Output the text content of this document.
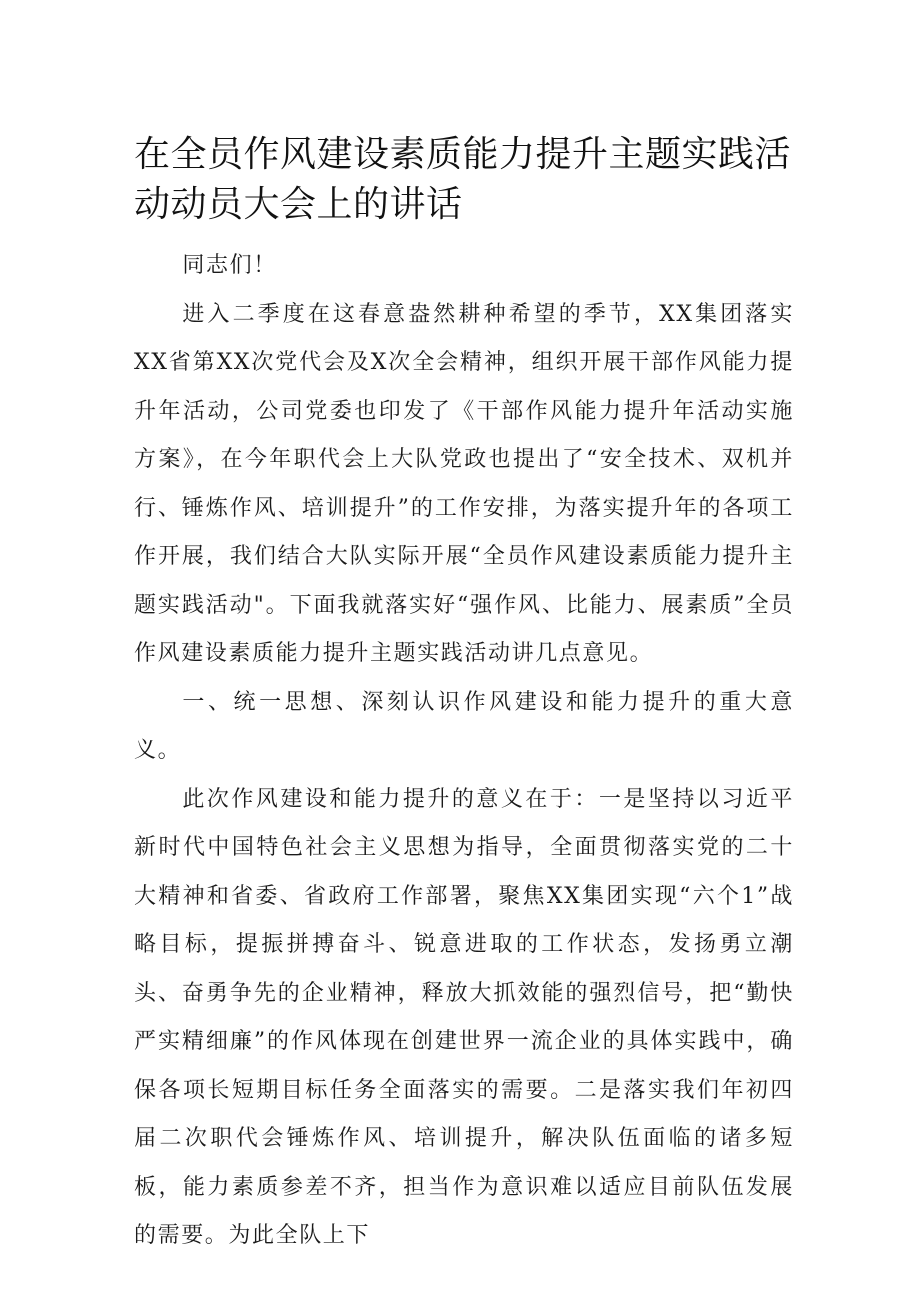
在全员作风建设素质能力提升主题实践活动动员大会上的讲话

同志们！

进入二季度在这春意盎然耕种希望的季节，XX集团落实XX省第XX次党代会及X次全会精神，组织开展干部作风能力提升年活动，公司党委也印发了《干部作风能力提升年活动实施方案》，在今年职代会上大队党政也提出了“安全技术、双机并行、锤炼作风、培训提升”的工作安排，为落实提升年的各项工作开展，我们结合大队实际开展“全员作风建设素质能力提升主题实践活动"。下面我就落实好“强作风、比能力、展素质”全员作风建设素质能力提升主题实践活动讲几点意见。

一、统一思想、深刻认识作风建设和能力提升的重大意义。

此次作风建设和能力提升的意义在于：一是坚持以习近平新时代中国特色社会主义思想为指导，全面贯彻落实党的二十大精神和省委、省政府工作部署，聚焦XX集团实现“六个1”战略目标，提振拼搏奋斗、锐意进取的工作状态，发扬勇立潮头、奋勇争先的企业精神，释放大抓效能的强烈信号，把“勤快严实精细廉”的作风体现在创建世界一流企业的具体实践中，确保各项长短期目标任务全面落实的需要。二是落实我们年初四届二次职代会锤炼作风、培训提升，解决队伍面临的诸多短板，能力素质参差不齐，担当作为意识难以适应目前队伍发展的需要。为此全队上下
